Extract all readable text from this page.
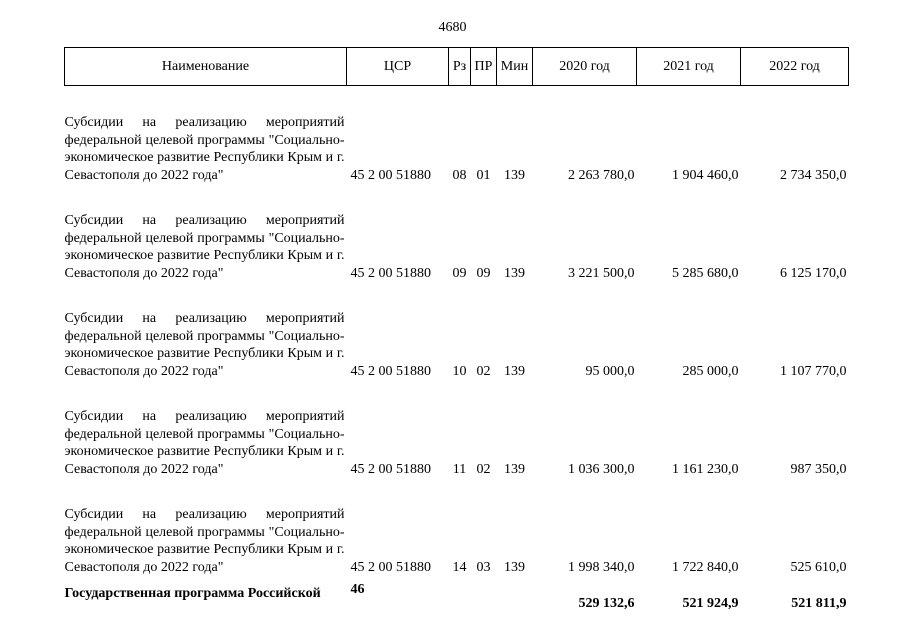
4680
Наименование	ЦСР	Рз	ПР	Мин	2020 год	2021 год	2022 год

Субсидии на реализацию мероприятий федеральной целевой программы "Социально-экономическое развитие Республики Крым и г. Севастополя до 2022 года"	45 2 00 51880	08	01	139	2 263 780,0	1 904 460,0	2 734 350,0

Субсидии на реализацию мероприятий федеральной целевой программы "Социально-экономическое развитие Республики Крым и г. Севастополя до 2022 года"	45 2 00 51880	09	09	139	3 221 500,0	5 285 680,0	6 125 170,0

Субсидии на реализацию мероприятий федеральной целевой программы "Социально-экономическое развитие Республики Крым и г. Севастополя до 2022 года"	45 2 00 51880	10	02	139	95 000,0	285 000,0	1 107 770,0

Субсидии на реализацию мероприятий федеральной целевой программы "Социально-экономическое развитие Республики Крым и г. Севастополя до 2022 года"	45 2 00 51880	11	02	139	1 036 300,0	1 161 230,0	987 350,0

Субсидии на реализацию мероприятий федеральной целевой программы "Социально-экономическое развитие Республики Крым и г. Севастополя до 2022 года"	45 2 00 51880	14	03	139	1 998 340,0	1 722 840,0	525 610,0
Государственная программа Российской	46				529 132,6	521 924,9	521 811,9
